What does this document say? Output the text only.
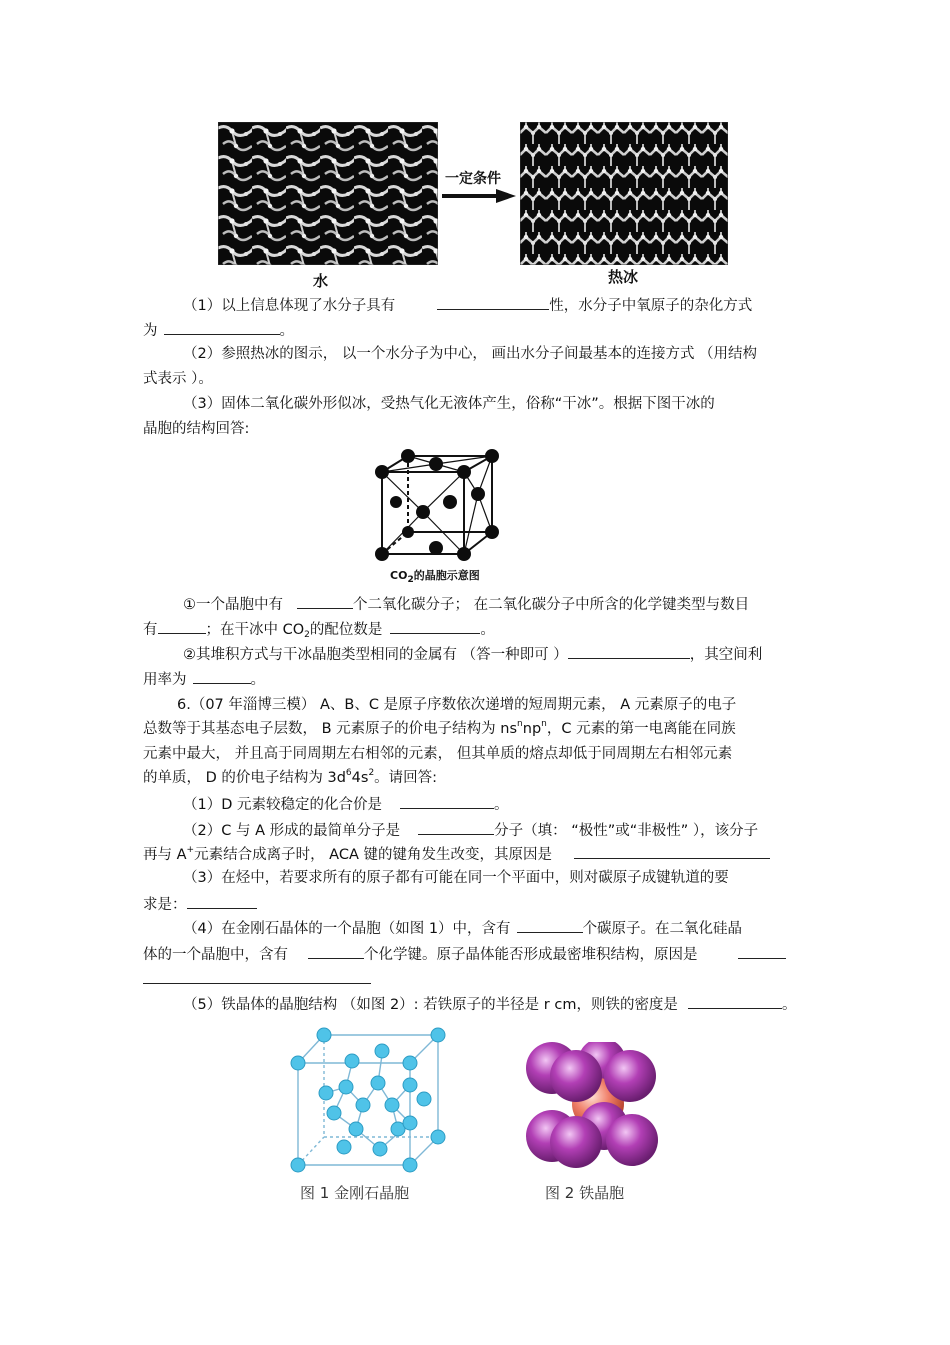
水
一定条件
热冰
（1）以上信息体现了水分子具有	性，水分子中氧原子的杂化方式
为	。
（2）参照热冰的图示， 以一个水分子为中心， 画出水分子间最基本的连接方式 （用结构
式表示 ）。
（3）固体二氧化碳外形似冰，受热气化无液体产生，俗称“干冰”。根据下图干冰的
晶胞的结构回答:
$CO_2$的晶胞示意图
①一个晶胞中有	个二氧化碳分子； 在二氧化碳分子中所含的化学键类型与数目
有	；在干冰中 $CO_2$的配位数是	。
②其堆积方式与干冰晶胞类型相同的金属有 （答一种即可 ）	，其空间利
用率为	。
6.（07 年淄博三模） A、B、C 是原子序数依次递增的短周期元素， A 元素原子的电子
总数等于其基态电子层数， B 元素原子的价电子结构为 $ns^nnp^n$，C 元素的第一电离能在同族
元素中最大， 并且高于同周期左右相邻的元素， 但其单质的熔点却低于同周期左右相邻元素
的单质， D 的价电子结构为 $3d^64s^2$。请回答:
（1）D 元素较稳定的化合价是	。
（2）C 与 A 形成的最简单分子是	分子（填： “极性”或“非极性” ），该分子
再与 A+元素结合成离子时， ACA 键的键角发生改变，其原因是
（3）在烃中，若要求所有的原子都有可能在同一个平面中，则对碳原子成键轨道的要
求是：
（4）在金刚石晶体的一个晶胞（如图 1）中，含有	个碳原子。在二氧化硅晶
体的一个晶胞中，含有	个化学键。原子晶体能否形成最密堆积结构，原因是
（5）铁晶体的晶胞结构 （如图 2）: 若铁原子的半径是 r cm，则铁的密度是	。
图 1 金刚石晶胞	图 2 铁晶胞
